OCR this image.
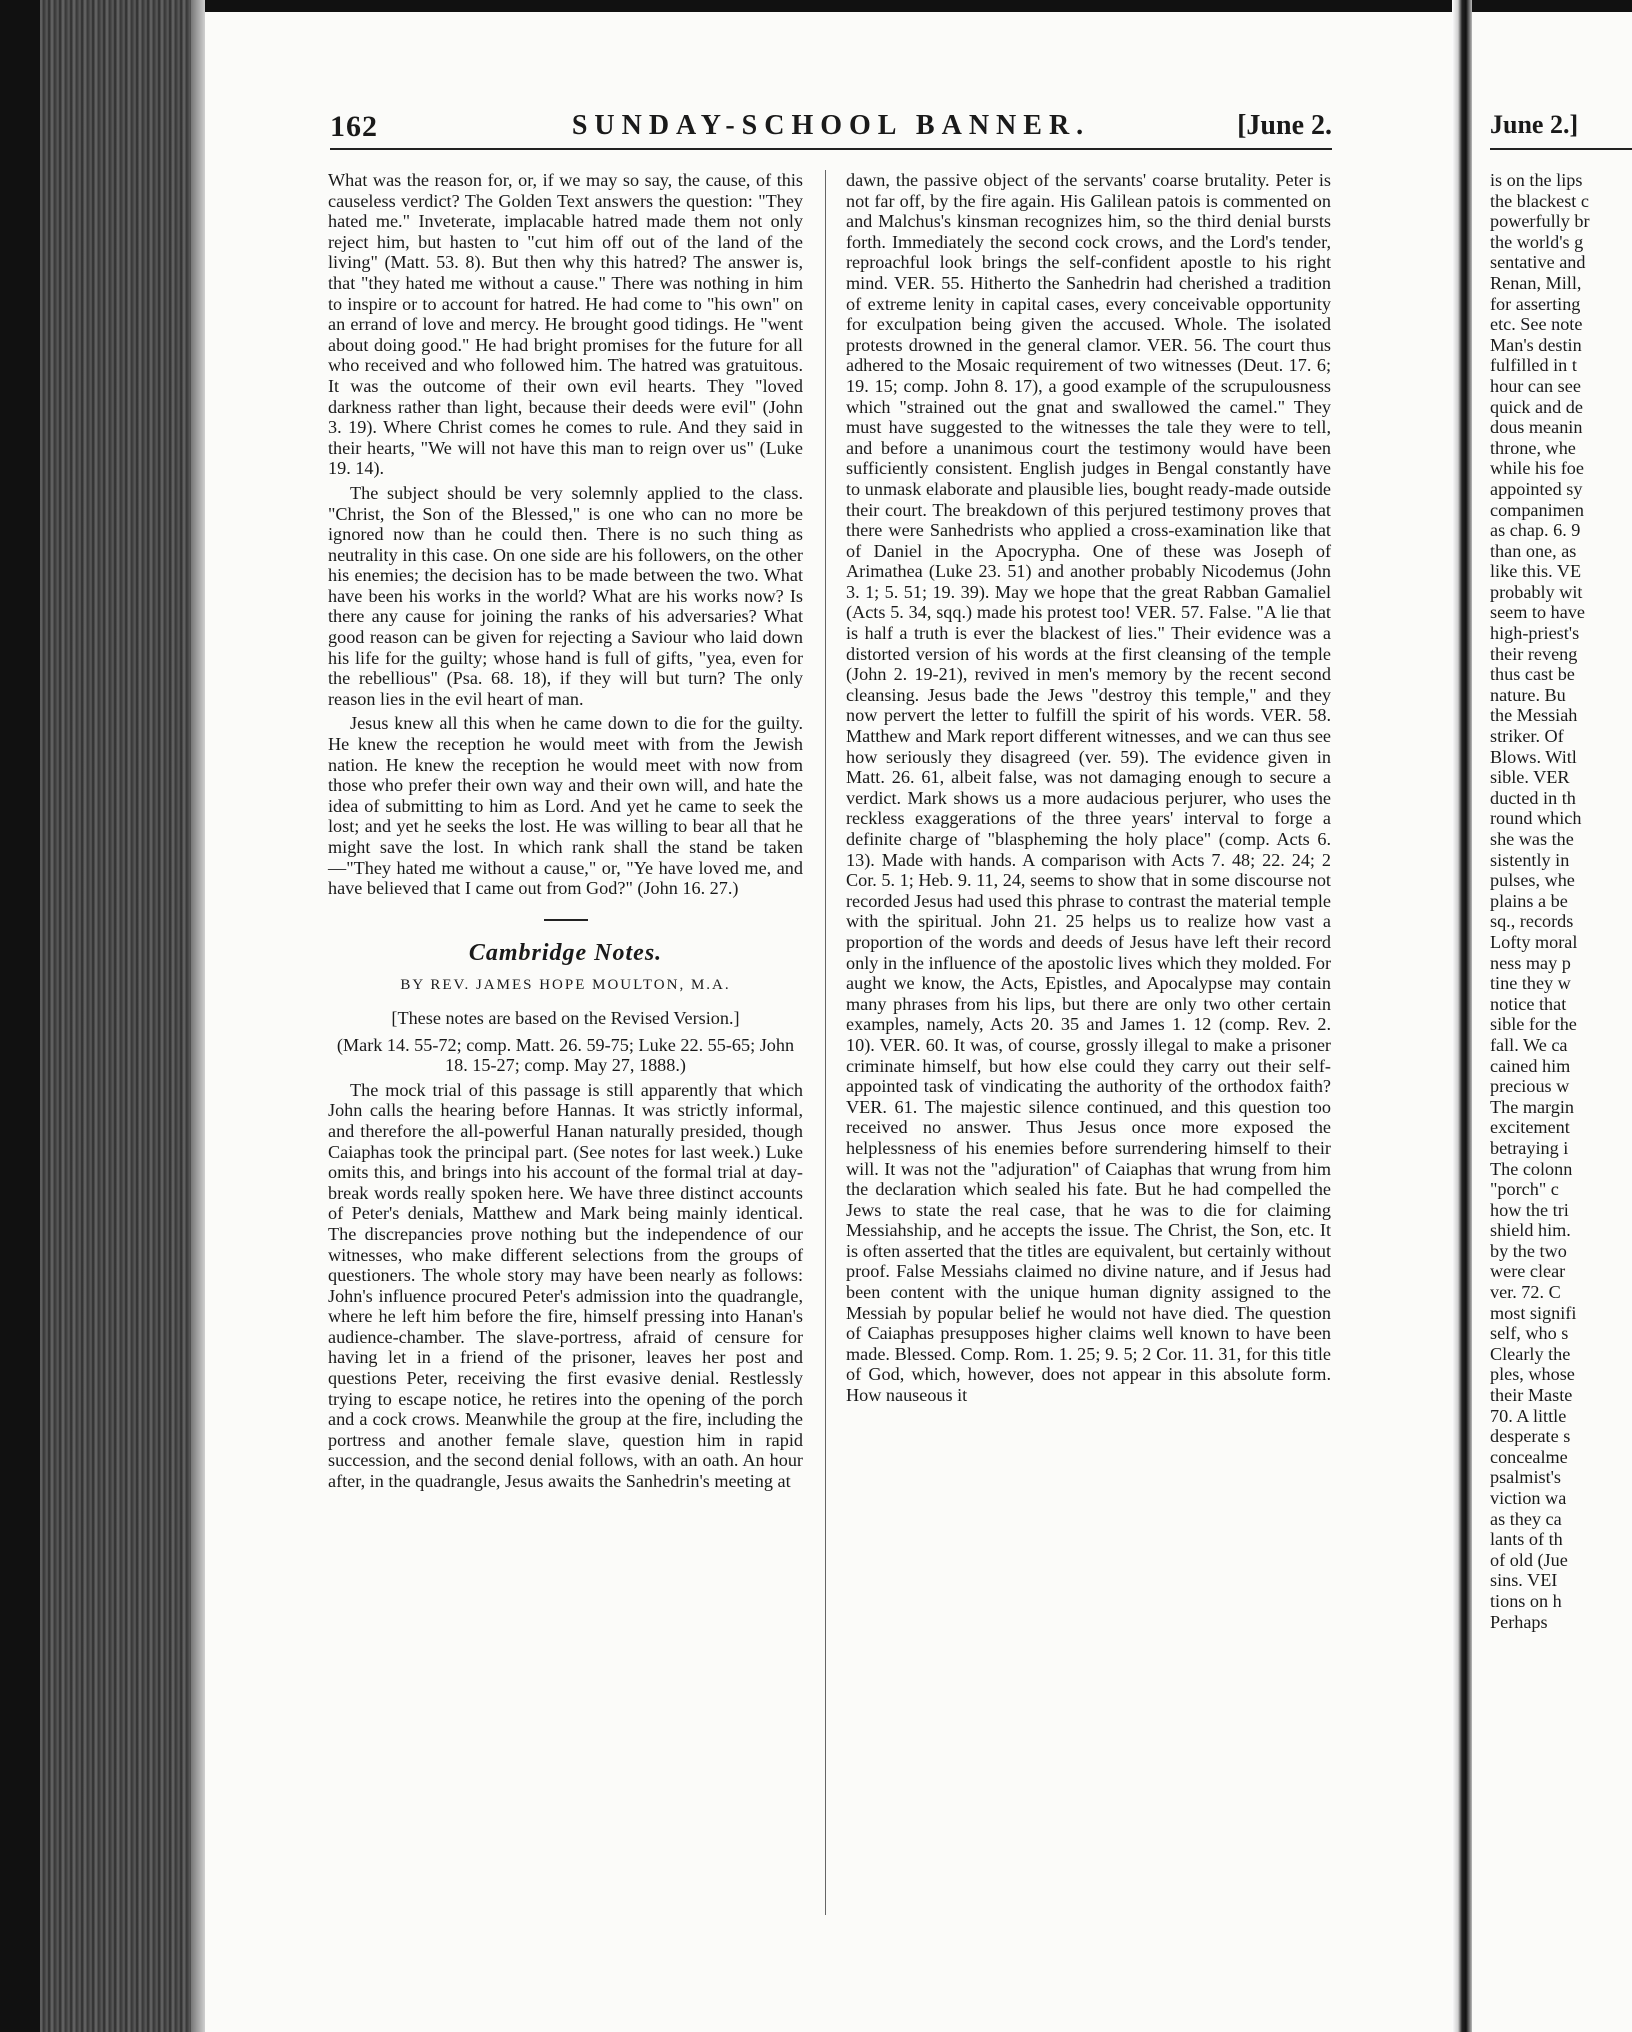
162	SUNDAY-SCHOOL BANNER.	[June 2.

What was the reason for, or, if we may so say, the cause, of this causeless verdict? The Golden Text answers the question: "They hated me." Inveterate, implacable hatred made them not only reject him, but hasten to "cut him off out of the land of the living" (Matt. 53. 8). But then why this hatred? The answer is, that "they hated me without a cause." There was nothing in him to inspire or to account for hatred. He had come to "his own" on an errand of love and mercy. He brought good tidings. He "went about doing good." He had bright promises for the future for all who received and who followed him. The hatred was gratuitous. It was the outcome of their own evil hearts. They "loved darkness rather than light, because their deeds were evil" (John 3. 19). Where Christ comes he comes to rule. And they said in their hearts, "We will not have this man to reign over us" (Luke 19. 14).

The subject should be very solemnly applied to the class. "Christ, the Son of the Blessed," is one who can no more be ignored now than he could then. There is no such thing as neutrality in this case. On one side are his followers, on the other his enemies; the decision has to be made between the two. What have been his works in the world? What are his works now? Is there any cause for joining the ranks of his adversaries? What good reason can be given for rejecting a Saviour who laid down his life for the guilty; whose hand is full of gifts, "yea, even for the rebellious" (Psa. 68. 18), if they will but turn? The only reason lies in the evil heart of man.

Jesus knew all this when he came down to die for the guilty. He knew the reception he would meet with from the Jewish nation. He knew the reception he would meet with now from those who prefer their own way and their own will, and hate the idea of submitting to him as Lord. And yet he came to seek the lost; and yet he seeks the lost. He was willing to bear all that he might save the lost. In which rank shall the stand be taken—"They hated me without a cause," or, "Ye have loved me, and have believed that I came out from God?" (John 16. 27.)

Cambridge Notes.
BY REV. JAMES HOPE MOULTON, M.A.
[These notes are based on the Revised Version.]
(Mark 14. 55-72; comp. Matt. 26. 59-75; Luke 22. 55-65; John 18. 15-27; comp. May 27, 1888.)

The mock trial of this passage is still apparently that which John calls the hearing before Hannas. It was strictly informal, and therefore the all-powerful Hanan naturally presided, though Caiaphas took the principal part. (See notes for last week.) Luke omits this, and brings into his account of the formal trial at day-break words really spoken here. We have three distinct accounts of Peter's denials, Matthew and Mark being mainly identical. The discrepancies prove nothing but the independence of our witnesses, who make different selections from the groups of questioners. The whole story may have been nearly as follows: John's influence procured Peter's admission into the quadrangle, where he left him before the fire, himself pressing into Hanan's audience-chamber. The slave-portress, afraid of censure for having let in a friend of the prisoner, leaves her post and questions Peter, receiving the first evasive denial. Restlessly trying to escape notice, he retires into the opening of the porch and a cock crows. Meanwhile the group at the fire, including the portress and another female slave, question him in rapid succession, and the second denial follows, with an oath. An hour after, in the quadrangle, Jesus awaits the Sanhedrin's meeting at

dawn, the passive object of the servants' coarse brutality. Peter is not far off, by the fire again. His Galilean patois is commented on and Malchus's kinsman recognizes him, so the third denial bursts forth. Immediately the second cock crows, and the Lord's tender, reproachful look brings the self-confident apostle to his right mind. VER. 55. Hitherto the Sanhedrin had cherished a tradition of extreme lenity in capital cases, every conceivable opportunity for exculpation being given the accused. Whole. The isolated protests drowned in the general clamor. VER. 56. The court thus adhered to the Mosaic requirement of two witnesses (Deut. 17. 6; 19. 15; comp. John 8. 17), a good example of the scrupulousness which "strained out the gnat and swallowed the camel." They must have suggested to the witnesses the tale they were to tell, and before a unanimous court the testimony would have been sufficiently consistent. English judges in Bengal constantly have to unmask elaborate and plausible lies, bought ready-made outside their court. The breakdown of this perjured testimony proves that there were Sanhedrists who applied a cross-examination like that of Daniel in the Apocrypha. One of these was Joseph of Arimathea (Luke 23. 51) and another probably Nicodemus (John 3. 1; 5. 51; 19. 39). May we hope that the great Rabban Gamaliel (Acts 5. 34, sqq.) made his protest too! VER. 57. False. "A lie that is half a truth is ever the blackest of lies." Their evidence was a distorted version of his words at the first cleansing of the temple (John 2. 19-21), revived in men's memory by the recent second cleansing. Jesus bade the Jews "destroy this temple," and they now pervert the letter to fulfill the spirit of his words. VER. 58. Matthew and Mark report different witnesses, and we can thus see how seriously they disagreed (ver. 59). The evidence given in Matt. 26. 61, albeit false, was not damaging enough to secure a verdict. Mark shows us a more audacious perjurer, who uses the reckless exaggerations of the three years' interval to forge a definite charge of "blaspheming the holy place" (comp. Acts 6. 13). Made with hands. A comparison with Acts 7. 48; 22. 24; 2 Cor. 5. 1; Heb. 9. 11, 24, seems to show that in some discourse not recorded Jesus had used this phrase to contrast the material temple with the spiritual. John 21. 25 helps us to realize how vast a proportion of the words and deeds of Jesus have left their record only in the influence of the apostolic lives which they molded. For aught we know, the Acts, Epistles, and Apocalypse may contain many phrases from his lips, but there are only two other certain examples, namely, Acts 20. 35 and James 1. 12 (comp. Rev. 2. 10). VER. 60. It was, of course, grossly illegal to make a prisoner criminate himself, but how else could they carry out their self-appointed task of vindicating the authority of the orthodox faith? VER. 61. The majestic silence continued, and this question too received no answer. Thus Jesus once more exposed the helplessness of his enemies before surrendering himself to their will. It was not the "adjuration" of Caiaphas that wrung from him the declaration which sealed his fate. But he had compelled the Jews to state the real case, that he was to die for claiming Messiahship, and he accepts the issue. The Christ, the Son, etc. It is often asserted that the titles are equivalent, but certainly without proof. False Messiahs claimed no divine nature, and if Jesus had been content with the unique human dignity assigned to the Messiah by popular belief he would not have died. The question of Caiaphas presupposes higher claims well known to have been made. Blessed. Comp. Rom. 1. 25; 9. 5; 2 Cor. 11. 31, for this title of God, which, however, does not appear in this absolute form. How nauseous it

June 2.]
is on the lips
the blackest c
powerfully br
the world's g
sentative and
Renan, Mill,
for asserting
etc. See note
Man's destin
fulfilled in t
hour can see
quick and de
dous meanin
throne, whe
while his foe
appointed sy
companimen
as chap. 6. 9
than one, as
like this. VE
probably wit
seem to have
high-priest's
their reveng
thus cast be
nature. Bu
the Messiah
striker. Of
Blows. Witl
sible. VER
ducted in th
round which
she was the
sistently in
pulses, whe
plains a be
sq., records
Lofty moral
ness may p
tine they w
notice that
sible for the
fall. We ca
cained him
precious w
The margin
excitement
betraying i
The colonn
"porch" c
how the tri
shield him.
by the two
were clear
ver. 72. C
most signifi
self, who s
Clearly the
ples, whose
their Maste
70. A little
desperate s
concealme
psalmist's
viction wa
as they ca
lants of th
of old (Jue
sins. VEI
tions on h
Perhaps
